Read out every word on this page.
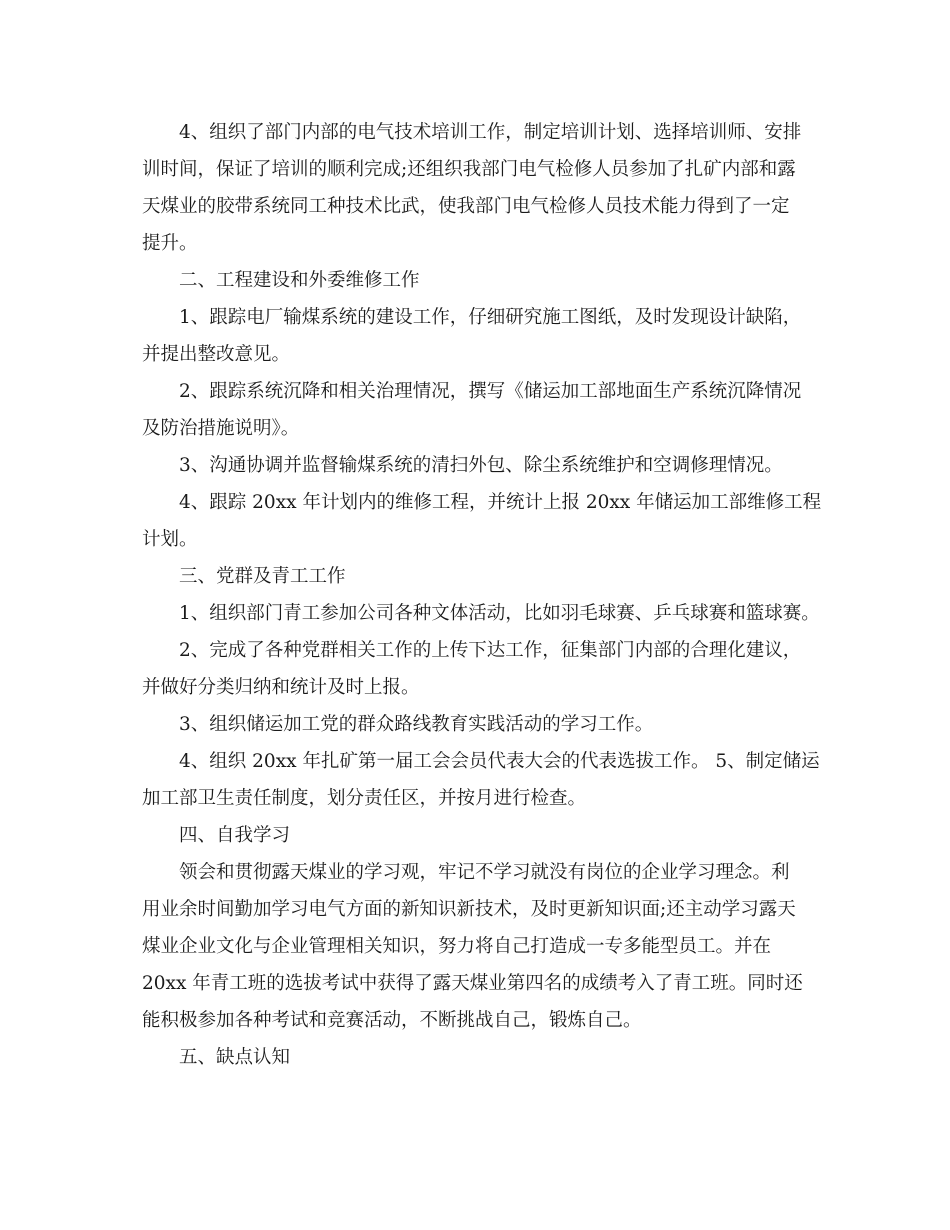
4、组织了部门内部的电气技术培训工作，制定培训计划、选择培训师、安排
训时间，保证了培训的顺利完成;还组织我部门电气检修人员参加了扎矿内部和露
天煤业的胶带系统同工种技术比武，使我部门电气检修人员技术能力得到了一定
提升。

二、工程建设和外委维修工作

1、跟踪电厂输煤系统的建设工作，仔细研究施工图纸，及时发现设计缺陷，
并提出整改意见。

2、跟踪系统沉降和相关治理情况，撰写《储运加工部地面生产系统沉降情况
及防治措施说明》。

3、沟通协调并监督输煤系统的清扫外包、除尘系统维护和空调修理情况。

4、跟踪 20xx 年计划内的维修工程，并统计上报 20xx 年储运加工部维修工程
计划。

三、党群及青工工作

1、组织部门青工参加公司各种文体活动，比如羽毛球赛、乒乓球赛和篮球赛。

2、完成了各种党群相关工作的上传下达工作，征集部门内部的合理化建议，
并做好分类归纳和统计及时上报。

3、组织储运加工党的群众路线教育实践活动的学习工作。

4、组织 20xx 年扎矿第一届工会会员代表大会的代表选拔工作。 5、制定储运
加工部卫生责任制度，划分责任区，并按月进行检查。

四、自我学习

领会和贯彻露天煤业的学习观，牢记不学习就没有岗位的企业学习理念。利
用业余时间勤加学习电气方面的新知识新技术，及时更新知识面;还主动学习露天
煤业企业文化与企业管理相关知识，努力将自己打造成一专多能型员工。并在
20xx 年青工班的选拔考试中获得了露天煤业第四名的成绩考入了青工班。同时还
能积极参加各种考试和竞赛活动，不断挑战自己，锻炼自己。

五、缺点认知
